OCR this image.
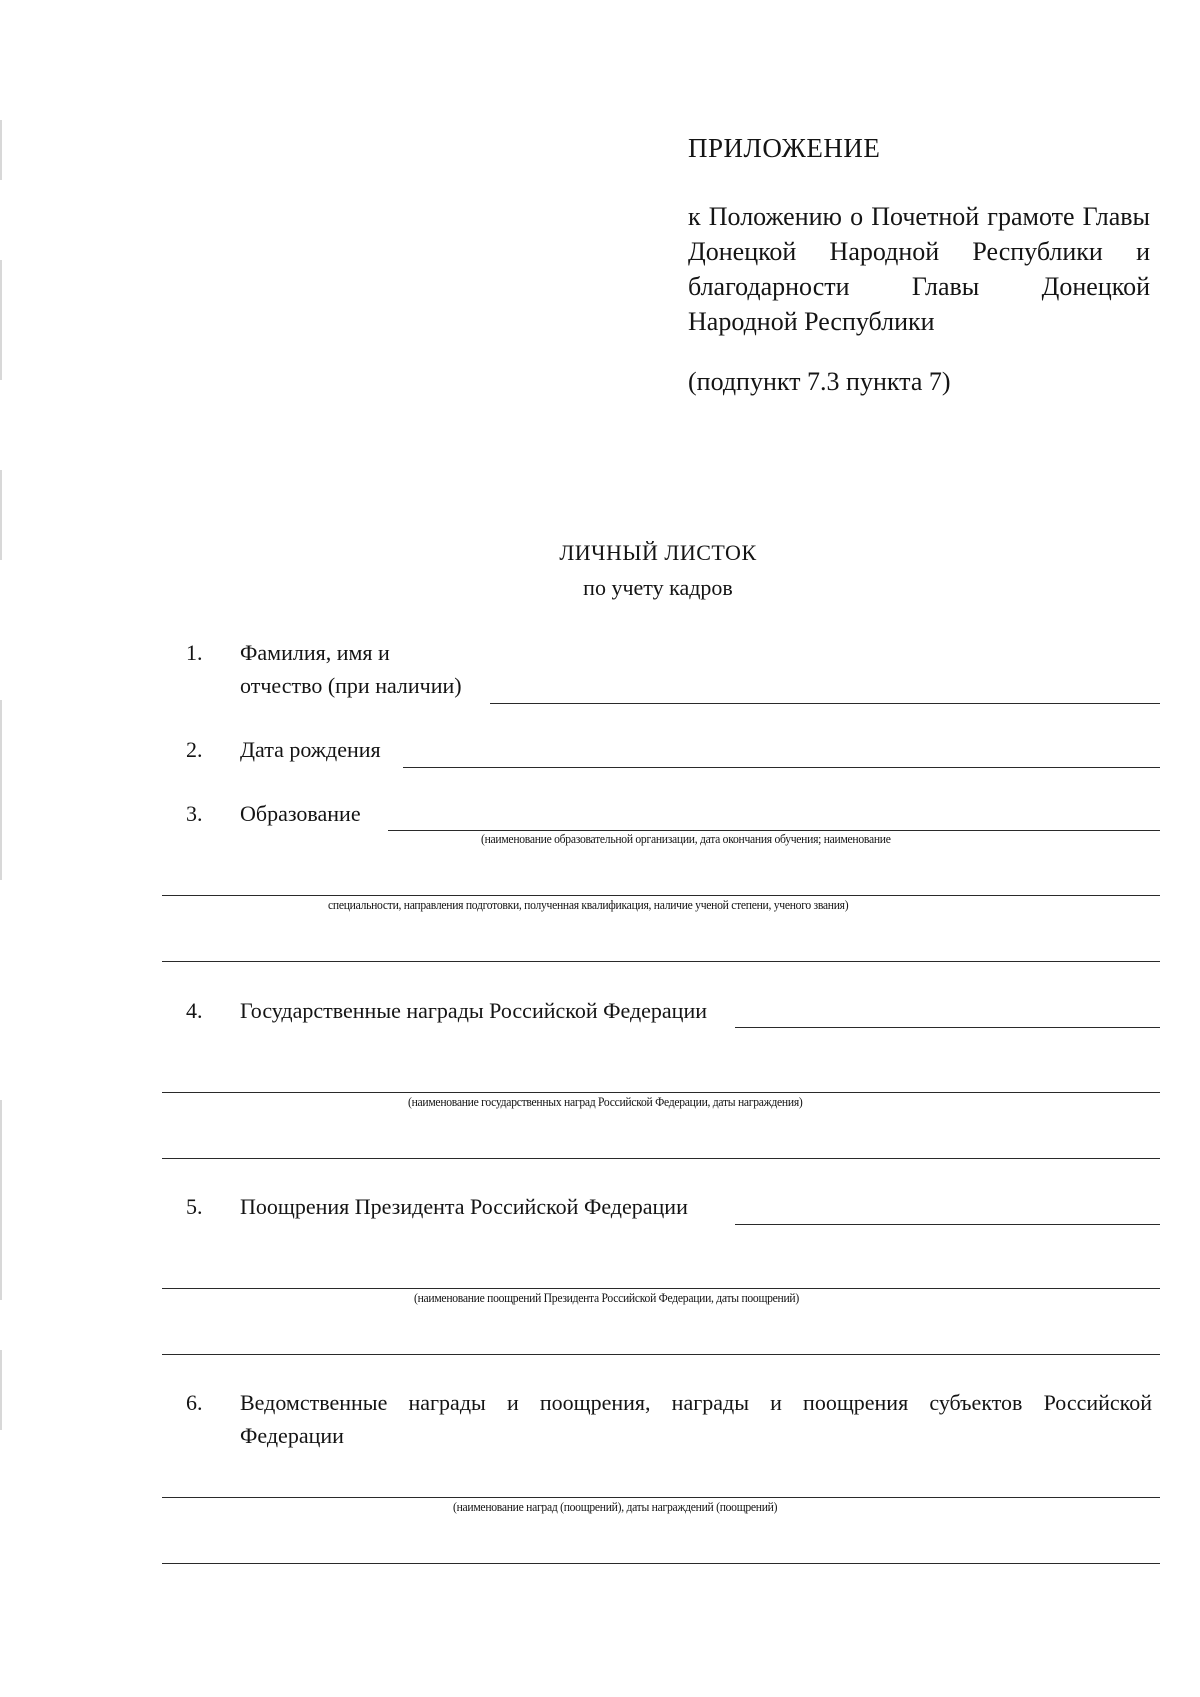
ПРИЛОЖЕНИЕ
к Положению о Почетной грамоте Главы Донецкой Народной Республики и благодарности Главы Донецкой Народной Республики
(подпункт 7.3 пункта 7)
ЛИЧНЫЙ ЛИСТОК
по учету кадров
1. Фамилия, имя и
отчество (при наличии)
2. Дата рождения
3. Образование
(наименование образовательной организации, дата окончания обучения; наименование
специальности, направления подготовки, полученная квалификация, наличие ученой степени, ученого звания)
4. Государственные награды Российской Федерации
(наименование государственных наград Российской Федерации, даты награждения)
5. Поощрения Президента Российской Федерации
(наименование поощрений Президента Российской Федерации, даты поощрений)
6. Ведомственные награды и поощрения, награды и поощрения субъектов Российской
Федерации
(наименование наград (поощрений), даты награждений (поощрений)
